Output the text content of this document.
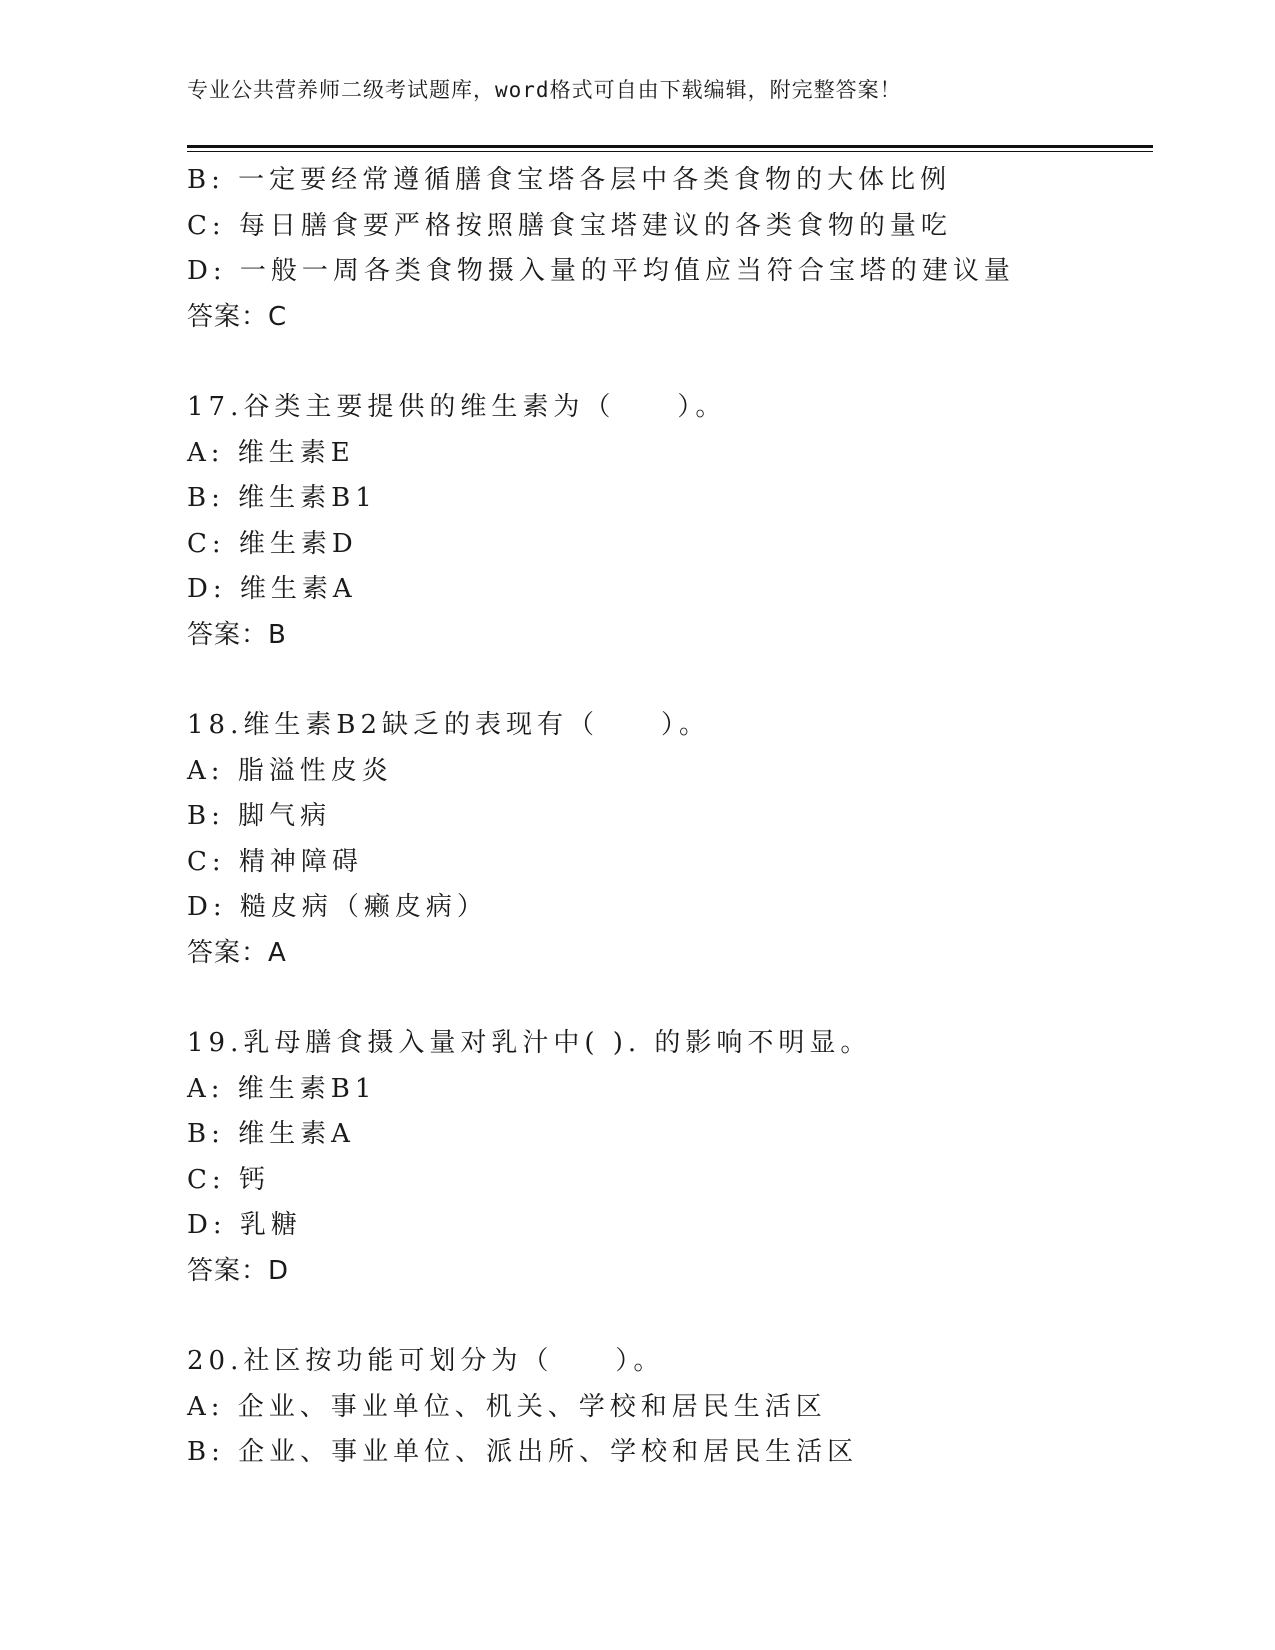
专业公共营养师二级考试题库，word格式可自由下载编辑，附完整答案！
B: 一定要经常遵循膳食宝塔各层中各类食物的大体比例
C: 每日膳食要严格按照膳食宝塔建议的各类食物的量吃
D: 一般一周各类食物摄入量的平均值应当符合宝塔的建议量
答案：C
17.谷类主要提供的维生素为（　　）。
A: 维生素E
B: 维生素B1
C: 维生素D
D: 维生素A
答案：B
18.维生素B2缺乏的表现有（　　）。
A: 脂溢性皮炎
B: 脚气病
C: 精神障碍
D: 糙皮病（癞皮病）
答案：A
19.乳母膳食摄入量对乳汁中( ). 的影响不明显。
A: 维生素B1
B: 维生素A
C: 钙
D: 乳糖
答案：D
20.社区按功能可划分为（　　）。
A: 企业、事业单位、机关、学校和居民生活区
B: 企业、事业单位、派出所、学校和居民生活区
